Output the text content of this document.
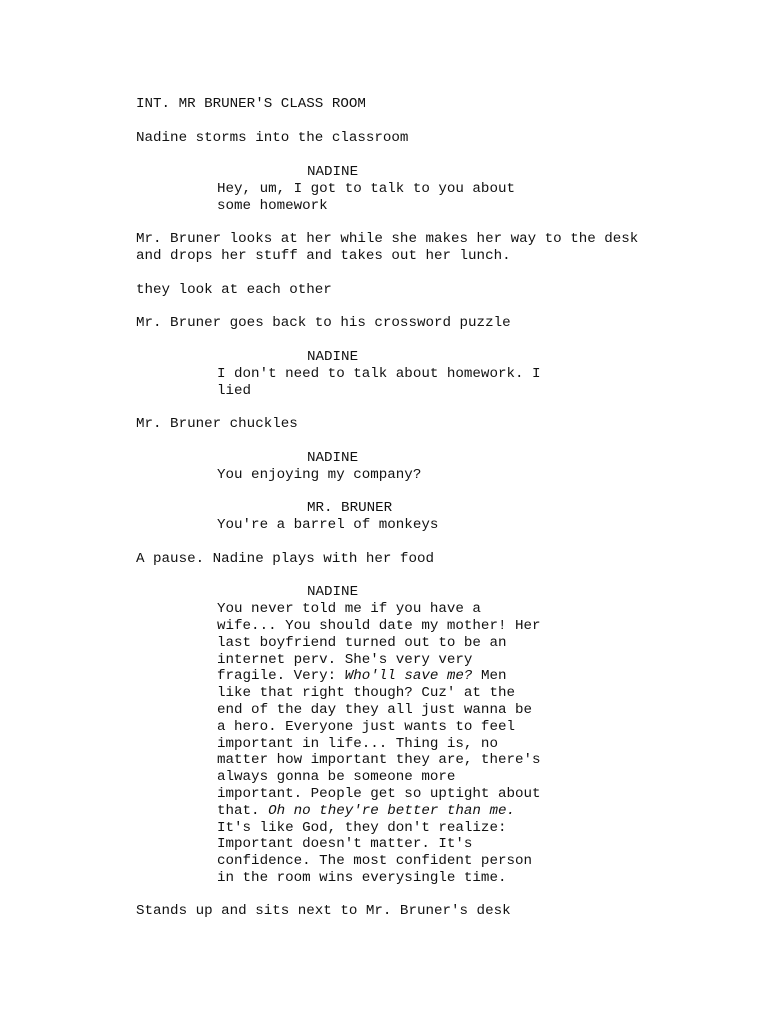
INT. MR BRUNER'S CLASS ROOM
Nadine storms into the classroom
NADINE
Hey, um, I got to talk to you about
some homework
Mr. Bruner looks at her while she makes her way to the desk
and drops her stuff and takes out her lunch.
they look at each other
Mr. Bruner goes back to his crossword puzzle
NADINE
I don't need to talk about homework. I
lied
Mr. Bruner chuckles
NADINE
You enjoying my company?
MR. BRUNER
You're a barrel of monkeys
A pause. Nadine plays with her food
NADINE
You never told me if you have a
wife... You should date my mother! Her
last boyfriend turned out to be an
internet perv. She's very very
fragile. Very: Who'll save me? Men
like that right though? Cuz' at the
end of the day they all just wanna be
a hero. Everyone just wants to feel
important in life... Thing is, no
matter how important they are, there's
always gonna be someone more
important. People get so uptight about
that. Oh no they're better than me.
It's like God, they don't realize:
Important doesn't matter. It's
confidence. The most confident person
in the room wins everysingle time.
Stands up and sits next to Mr. Bruner's desk
